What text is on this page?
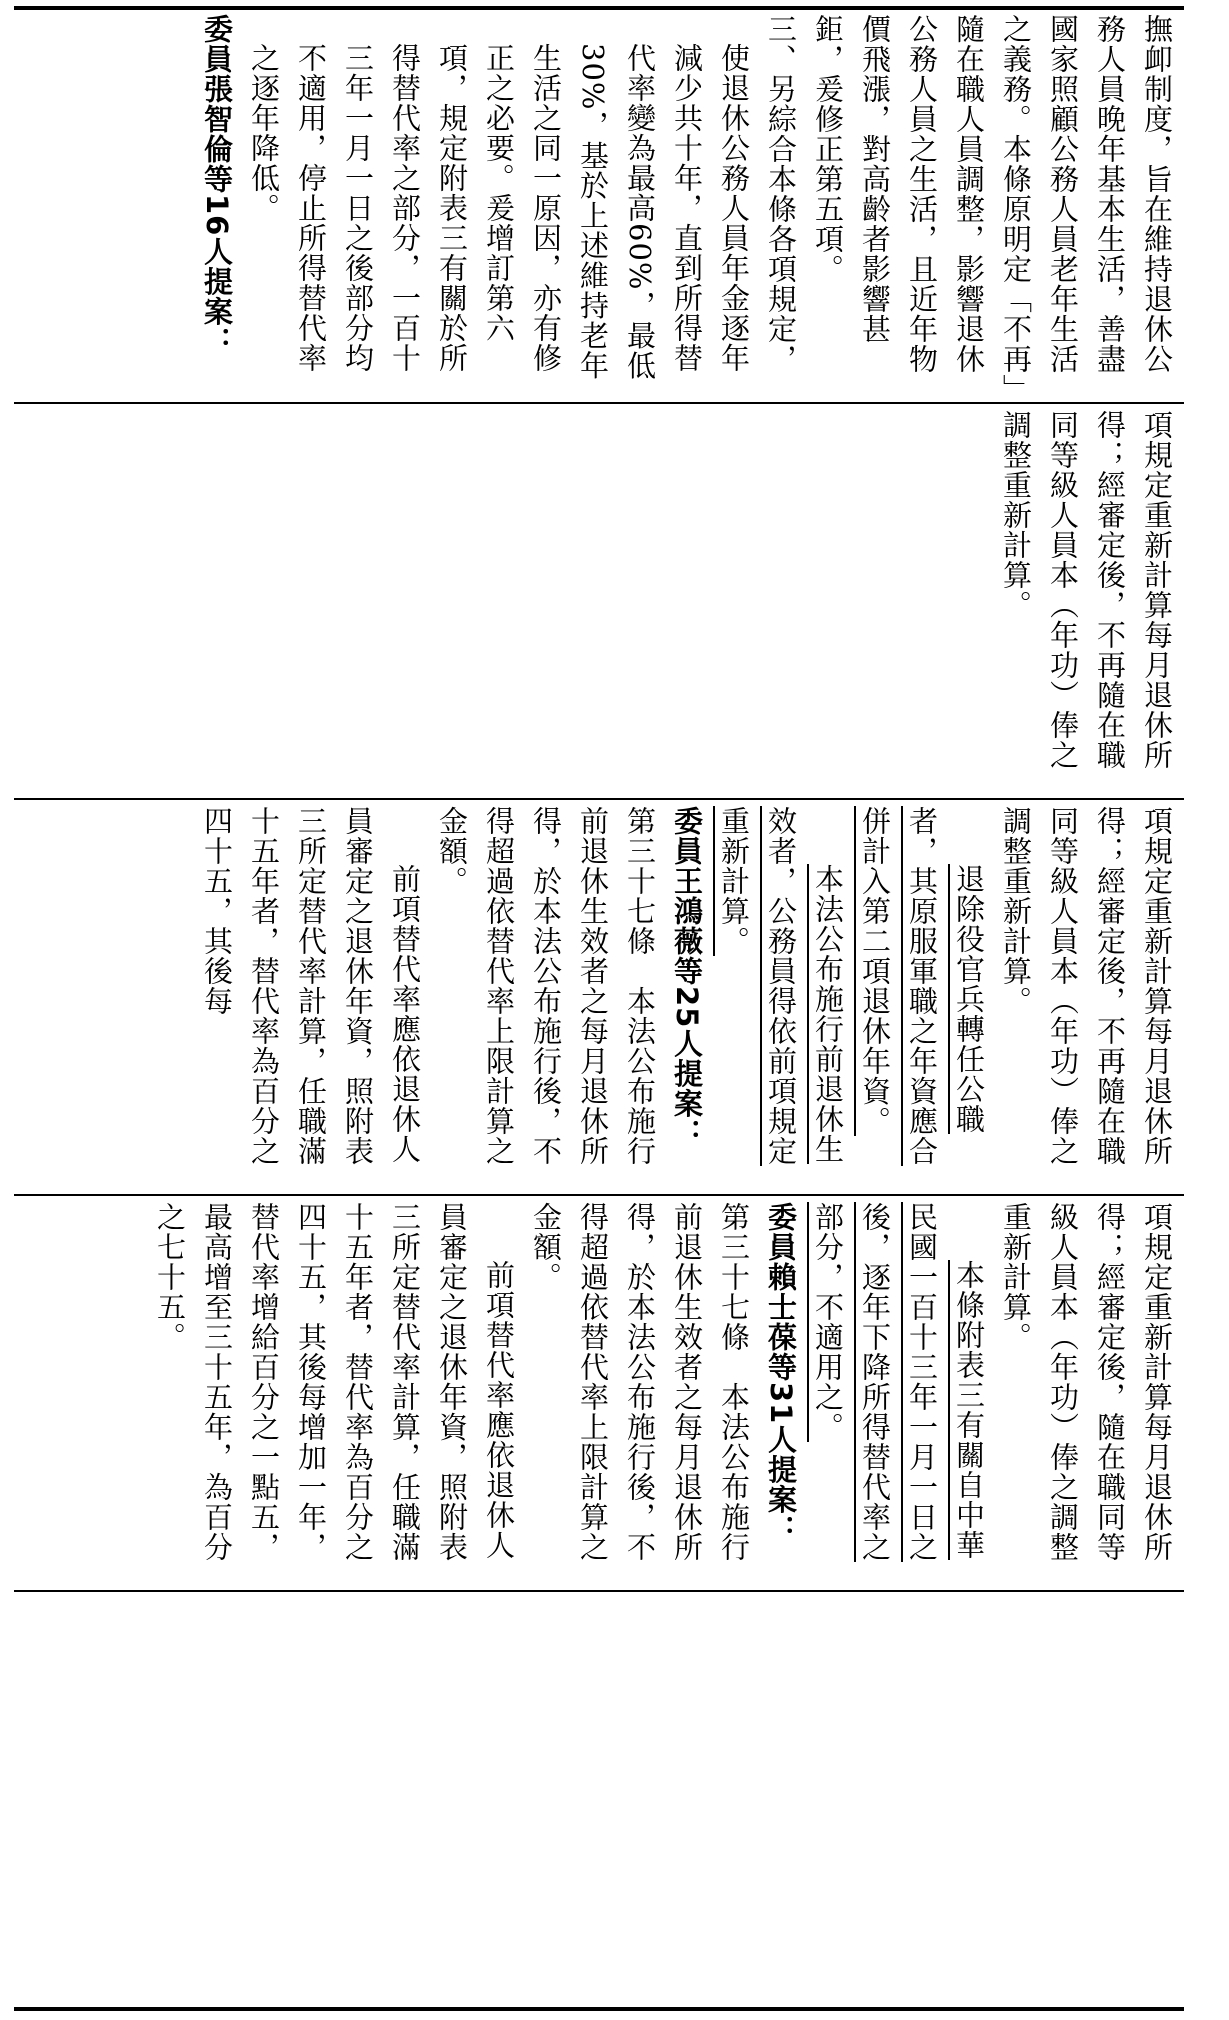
撫卹制度，旨在維持退休公務人員晚年基本生活，善盡國家照顧公務人員老年生活之義務。本條原明定「不再」隨在職人員調整，影響退休公務人員之生活，且近年物價飛漲，對高齡者影響甚鉅，爰修正第五項。

三、另綜合本條各項規定，使退休公務人員年金逐年減少共十年，直到所得替代率變為最高60%，最低30%，基於上述維持老年生活之同一原因，亦有修正之必要。爰增訂第六項，規定附表三有關於所得替代率之部分，一百十三年一月一日之後部分均不適用，停止所得替代率之逐年降低。

委員張智倫等16人提案：

項規定重新計算每月退休所得；經審定後，不再隨在職同等級人員本（年功）俸之調整重新計算。

項規定重新計算每月退休所得；經審定後，不再隨在職同等級人員本（年功）俸之調整重新計算。

退除役官兵轉任公職者，其原服軍職之年資應合併計入第二項退休年資。

本法公布施行前退休生效者，公務員得依前項規定重新計算。

委員王鴻薇等25人提案：

第三十七條　本法公布施行前退休生效者之每月退休所得，於本法公布施行後，不得超過依替代率上限計算之金額。

前項替代率應依退休人員審定之退休年資，照附表三所定替代率計算，任職滿十五年者，替代率為百分之四十五，其後每

項規定重新計算每月退休所得；經審定後，隨在職同等級人員本（年功）俸之調整重新計算。

本條附表三有關自中華民國一百十三年一月一日之後，逐年下降所得替代率之部分，不適用之。

委員賴士葆等31人提案：

第三十七條　本法公布施行前退休生效者之每月退休所得，於本法公布施行後，不得超過依替代率上限計算之金額。

前項替代率應依退休人員審定之退休年資，照附表三所定替代率計算，任職滿十五年者，替代率為百分之四十五，其後每增加一年，替代率增給百分之一點五，最高增至三十五年，為百分之七十五。
